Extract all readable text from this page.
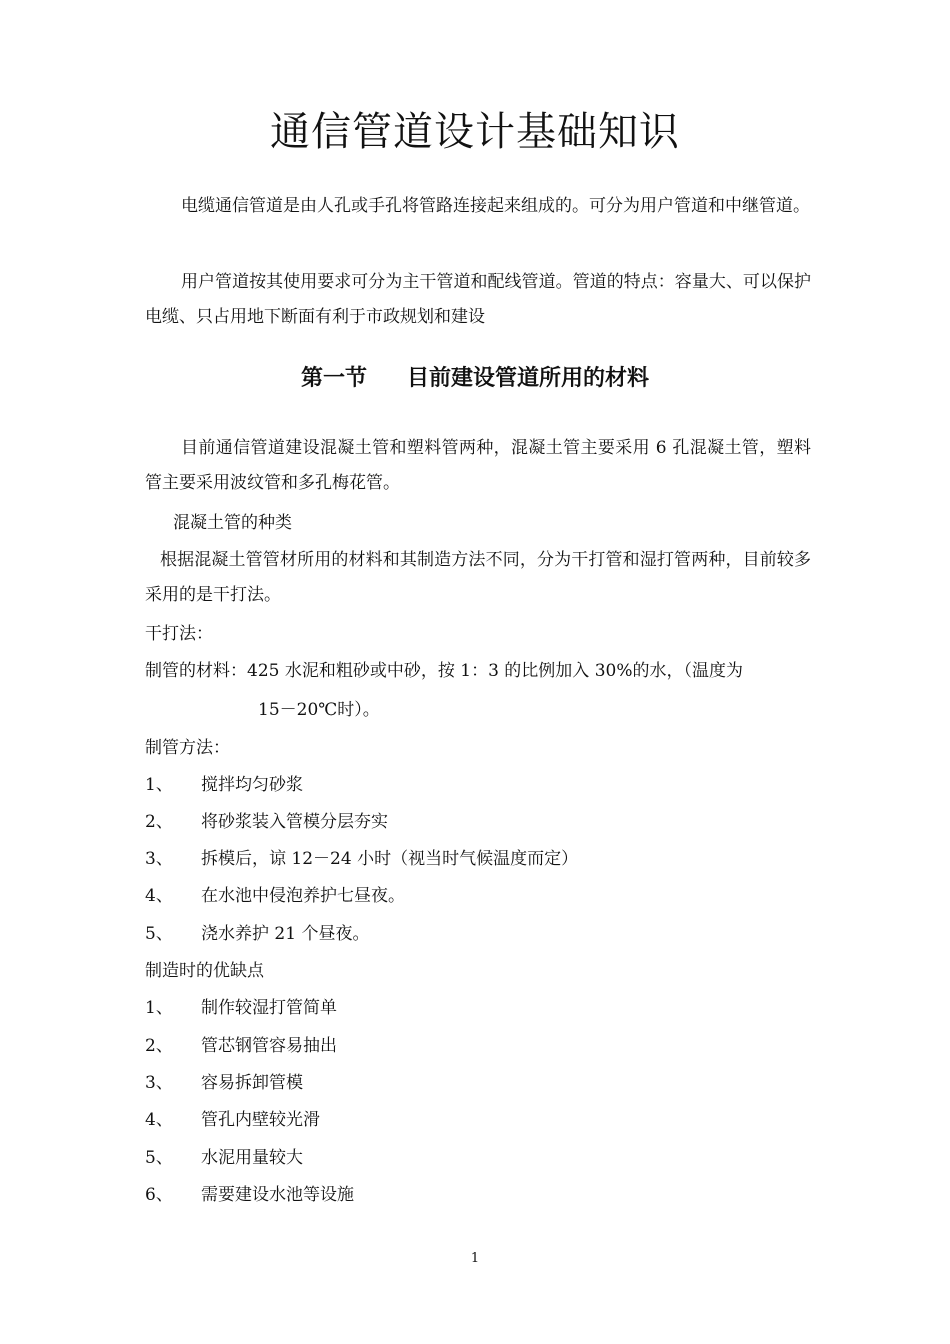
通信管道设计基础知识
电缆通信管道是由人孔或手孔将管路连接起来组成的。可分为用户管道和中继管道。
用户管道按其使用要求可分为主干管道和配线管道。管道的特点：容量大、可以保护电缆、只占用地下断面有利于市政规划和建设
第一节 目前建设管道所用的材料
目前通信管道建设混凝土管和塑料管两种，混凝土管主要采用 6 孔混凝土管，塑料管主要采用波纹管和多孔梅花管。
混凝土管的种类
根据混凝土管管材所用的材料和其制造方法不同，分为干打管和湿打管两种，目前较多采用的是干打法。
干打法：
制管的材料：425 水泥和粗砂或中砂，按 1：3 的比例加入 30%的水，（温度为
15－20℃时）。
制管方法：
1、 搅拌均匀砂浆
2、 将砂浆装入管模分层夯实
3、 拆模后，谅 12－24 小时（视当时气候温度而定）
4、 在水池中侵泡养护七昼夜。
5、 浇水养护 21 个昼夜。
制造时的优缺点
1、 制作较湿打管简单
2、 管芯钢管容易抽出
3、 容易拆卸管模
4、 管孔内壁较光滑
5、 水泥用量较大
6、 需要建设水池等设施
1
